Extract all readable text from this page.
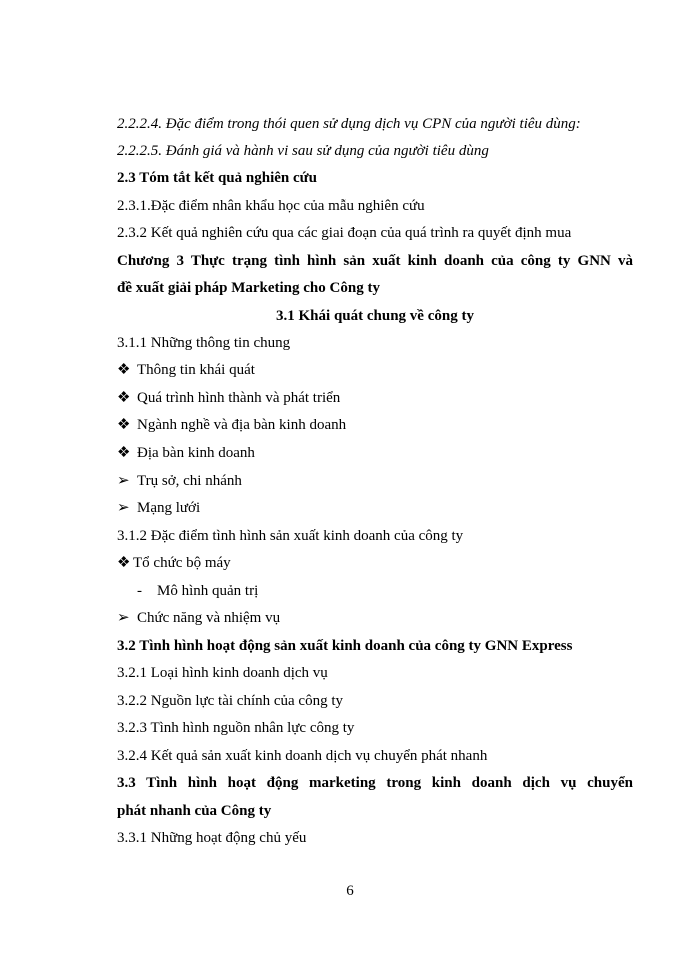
2.2.2.4. Đặc điểm trong thói quen sử dụng dịch vụ CPN của người tiêu dùng:
2.2.2.5. Đánh giá và hành vi sau sử dụng của người tiêu dùng
2.3 Tóm tắt kết quả nghiên cứu
2.3.1.Đặc điểm nhân khẩu học của mẫu nghiên cứu
2.3.2 Kết quả nghiên cứu qua các giai đoạn của quá trình ra quyết định mua
Chương 3 Thực trạng tình hình sản xuất kinh doanh của công ty GNN và
đề xuất giải pháp Marketing cho Công ty
3.1 Khái quát chung về công ty
3.1.1 Những thông tin chung
❖ Thông tin khái quát
❖ Quá trình hình thành và phát triển
❖ Ngành nghề và địa bàn kinh doanh
❖ Địa bàn kinh doanh
➢ Trụ sở, chi nhánh
➢ Mạng lưới
3.1.2 Đặc điểm tình hình sản xuất kinh doanh của công ty
❖ Tổ chức bộ máy
- Mô hình quản trị
➢ Chức năng và nhiệm vụ
3.2 Tình hình hoạt động sản xuất kinh doanh của công ty GNN Express
3.2.1 Loại hình kinh doanh dịch vụ
3.2.2 Nguồn lực tài chính của công ty
3.2.3 Tình hình nguồn nhân lực công ty
3.2.4 Kết quả sản xuất kinh doanh dịch vụ chuyển phát nhanh
3.3 Tình hình hoạt động marketing trong kinh doanh dịch vụ chuyển
phát nhanh của Công ty
3.3.1 Những hoạt động chủ yếu
6
